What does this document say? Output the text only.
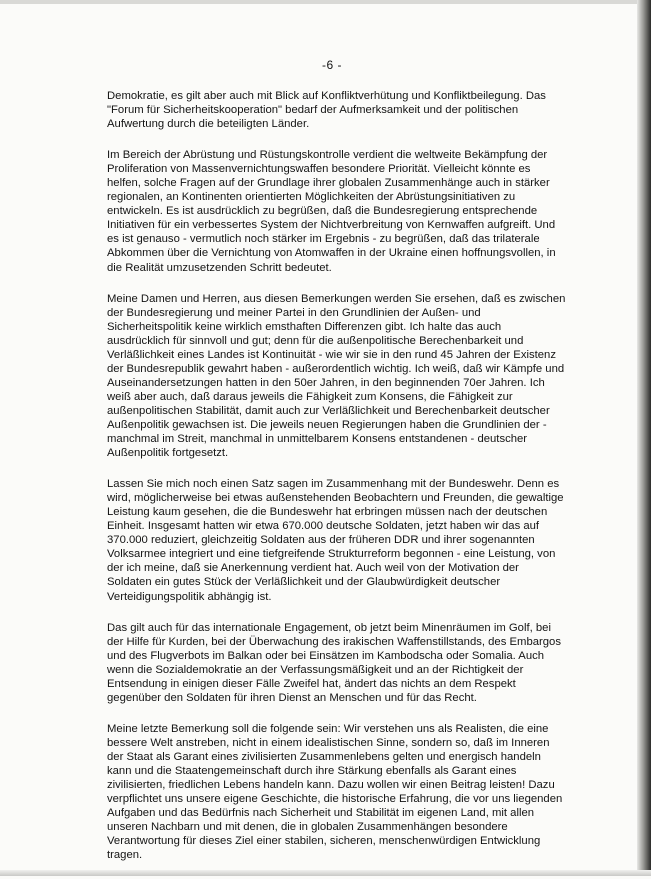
-6 -

Demokratie, es gilt aber auch mit Blick auf Konfliktverhütung und Konfliktbeilegung. Das
"Forum für Sicherheitskooperation" bedarf der Aufmerksamkeit und der politischen
Aufwertung durch die beteiligten Länder.

Im Bereich der Abrüstung und Rüstungskontrolle verdient die weltweite Bekämpfung der
Proliferation von Massenvernichtungswaffen besondere Priorität. Vielleicht könnte es
helfen, solche Fragen auf der Grundlage ihrer globalen Zusammenhänge auch in stärker
regionalen, an Kontinenten orientierten Möglichkeiten der Abrüstungsinitiativen zu
entwickeln. Es ist ausdrücklich zu begrüßen, daß die Bundesregierung entsprechende
Initiativen für ein verbessertes System der Nichtverbreitung von Kernwaffen aufgreift. Und
es ist genauso - vermutlich noch stärker im Ergebnis - zu begrüßen, daß das trilaterale
Abkommen über die Vernichtung von Atomwaffen in der Ukraine einen hoffnungsvollen, in
die Realität umzusetzenden Schritt bedeutet.

Meine Damen und Herren, aus diesen Bemerkungen werden Sie ersehen, daß es zwischen
der Bundesregierung und meiner Partei in den Grundlinien der Außen- und
Sicherheitspolitik keine wirklich emsthaften Differenzen gibt. Ich halte das auch
ausdrücklich für sinnvoll und gut; denn für die außenpolitische Berechenbarkeit und
Verläßlichkeit eines Landes ist Kontinuität - wie wir sie in den rund 45 Jahren der Existenz
der Bundesrepublik gewahrt haben - außerordentlich wichtig. Ich weiß, daß wir Kämpfe und
Auseinandersetzungen hatten in den 50er Jahren, in den beginnenden 70er Jahren. Ich
weiß aber auch, daß daraus jeweils die Fähigkeit zum Konsens, die Fähigkeit zur
außenpolitischen Stabilität, damit auch zur Verläßlichkeit und Berechenbarkeit deutscher
Außenpolitik gewachsen ist. Die jeweils neuen Regierungen haben die Grundlinien der -
manchmal im Streit, manchmal in unmittelbarem Konsens entstandenen - deutscher
Außenpolitik fortgesetzt.

Lassen Sie mich noch einen Satz sagen im Zusammenhang mit der Bundeswehr. Denn es
wird, möglicherweise bei etwas außenstehenden Beobachtern und Freunden, die gewaltige
Leistung kaum gesehen, die die Bundeswehr hat erbringen müssen nach der deutschen
Einheit. Insgesamt hatten wir etwa 670.000 deutsche Soldaten, jetzt haben wir das auf
370.000 reduziert, gleichzeitig Soldaten aus der früheren DDR und ihrer sogenannten
Volksarmee integriert und eine tiefgreifende Strukturreform begonnen - eine Leistung, von
der ich meine, daß sie Anerkennung verdient hat. Auch weil von der Motivation der
Soldaten ein gutes Stück der Verläßlichkeit und der Glaubwürdigkeit deutscher
Verteidigungspolitik abhängig ist.

Das gilt auch für das internationale Engagement, ob jetzt beim Minenräumen im Golf, bei
der Hilfe für Kurden, bei der Überwachung des irakischen Waffenstillstands, des Embargos
und des Flugverbots im Balkan oder bei Einsätzen im Kambodscha oder Somalia. Auch
wenn die Sozialdemokratie an der Verfassungsmäßigkeit und an der Richtigkeit der
Entsendung in einigen dieser Fälle Zweifel hat, ändert das nichts an dem Respekt
gegenüber den Soldaten für ihren Dienst an Menschen und für das Recht.

Meine letzte Bemerkung soll die folgende sein: Wir verstehen uns als Realisten, die eine
bessere Welt anstreben, nicht in einem idealistischen Sinne, sondern so, daß im Inneren
der Staat als Garant eines zivilisierten Zusammenlebens gelten und energisch handeln
kann und die Staatengemeinschaft durch ihre Stärkung ebenfalls als Garant eines
zivilisierten, friedlichen Lebens handeln kann. Dazu wollen wir einen Beitrag leisten! Dazu
verpflichtet uns unsere eigene Geschichte, die historische Erfahrung, die vor uns liegenden
Aufgaben und das Bedürfnis nach Sicherheit und Stabilität im eigenen Land, mit allen
unseren Nachbarn und mit denen, die in globalen Zusammenhängen besondere
Verantwortung für dieses Ziel einer stabilen, sicheren, menschenwürdigen Entwicklung
tragen.
